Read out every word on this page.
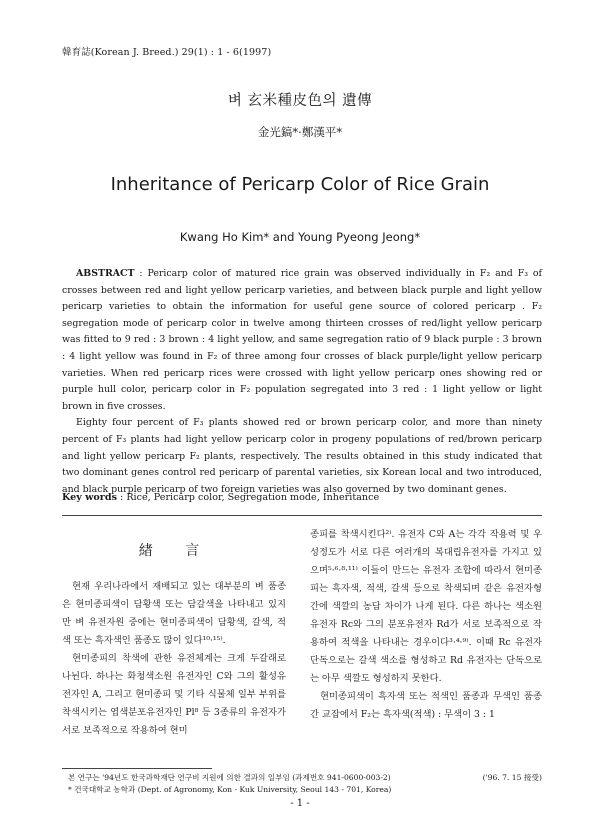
韓育誌(Korean J. Breed.) 29(1) : 1 - 6(1997)
벼 玄米種皮色의 遺傳
金光鎬*·鄭漢平*
Inheritance of Pericarp Color of Rice Grain
Kwang Ho Kim* and Young Pyeong Jeong*

ABSTRACT : Pericarp color of matured rice grain was observed individually in F₂ and F₃ of crosses between red and light yellow pericarp varieties, and between black purple and light yellow pericarp varieties to obtain the information for useful gene source of colored pericarp . F₂ segregation mode of pericarp color in twelve among thirteen crosses of red/light yellow pericarp was fitted to 9 red : 3 brown : 4 light yellow, and same segregation ratio of 9 black purple : 3 brown : 4 light yellow was found in F₂ of three among four crosses of black purple/light yellow pericarp varieties. When red pericarp rices were crossed with light yellow pericarp ones showing red or purple hull color, pericarp color in F₂ population segregated into 3 red : 1 light yellow or light brown in five crosses.

Eighty four percent of F₃ plants showed red or brown pericarp color, and more than ninety percent of F₃ plants had light yellow pericarp color in progeny populations of red/brown pericarp and light yellow pericarp F₂ plants, respectively. The results obtained in this study indicated that two dominant genes control red pericarp of parental varieties, six Korean local and two introduced, and black purple pericarp of two foreign varieties was also governed by two dominant genes.

Key words : Rice, Pericarp color, Segregation mode, Inheritance
緖 言

현재 우리나라에서 재배되고 있는 대부분의 벼 품종은 현미종피색이 담황색 또는 담갈색을 나타내고 있지만 벼 유전자원 중에는 현미종피색이 담황색, 갈색, 적색 또는 흑자색인 품종도 많이 있다¹⁰·¹⁵⁾.

현미종피의 착색에 관한 유전체계는 크게 두갈래로 나뉜다. 하나는 화청색소원 유전자인 C와 그의 활성유전자인 A, 그리고 현미종피 및 기타 식물체 일부 부위를 착색시키는 엽색분포유전자인 Pl⁸ 등 3종류의 유전자가 서로 보족적으로 작용하여 현미

종피를 착색시킨다²⁾. 유전자 C와 A는 각각 작용력 및 우성정도가 서로 다른 여러개의 복대립유전자를 가지고 있으며⁵·⁶·⁸·¹¹⁾ 이들이 만드는 유전자 조합에 따라서 현미종피는 흑자색, 적색, 갈색 등으로 착색되며 같은 유전자형간에 색깔의 농담 차이가 나게 된다. 다른 하나는 색소원유전자 Rc와 그의 분포유전자 Rd가 서로 보족적으로 작용하여 적색을 나타내는 경우이다³·⁴·⁹⁾. 이때 Rc 유전자 단독으로는 갈색 색소를 형성하고 Rd 유전자는 단독으로는 아무 색깔도 형성하지 못한다.

현미종피색이 흑자색 또는 적색인 품종과 무색인 품종간 교잡에서 F₂는 흑자색(적색) : 무색이 3 : 1

본 연구는 '94년도 한국과학재단 연구비 지원에 의한 결과의 일부임 (과제번호 941-0600-003-2)	('96. 7. 15 接受)
* 건국대학교 농학과 (Dept. of Agronomy, Kon - Kuk University, Seoul 143 - 701, Korea)
- 1 -
